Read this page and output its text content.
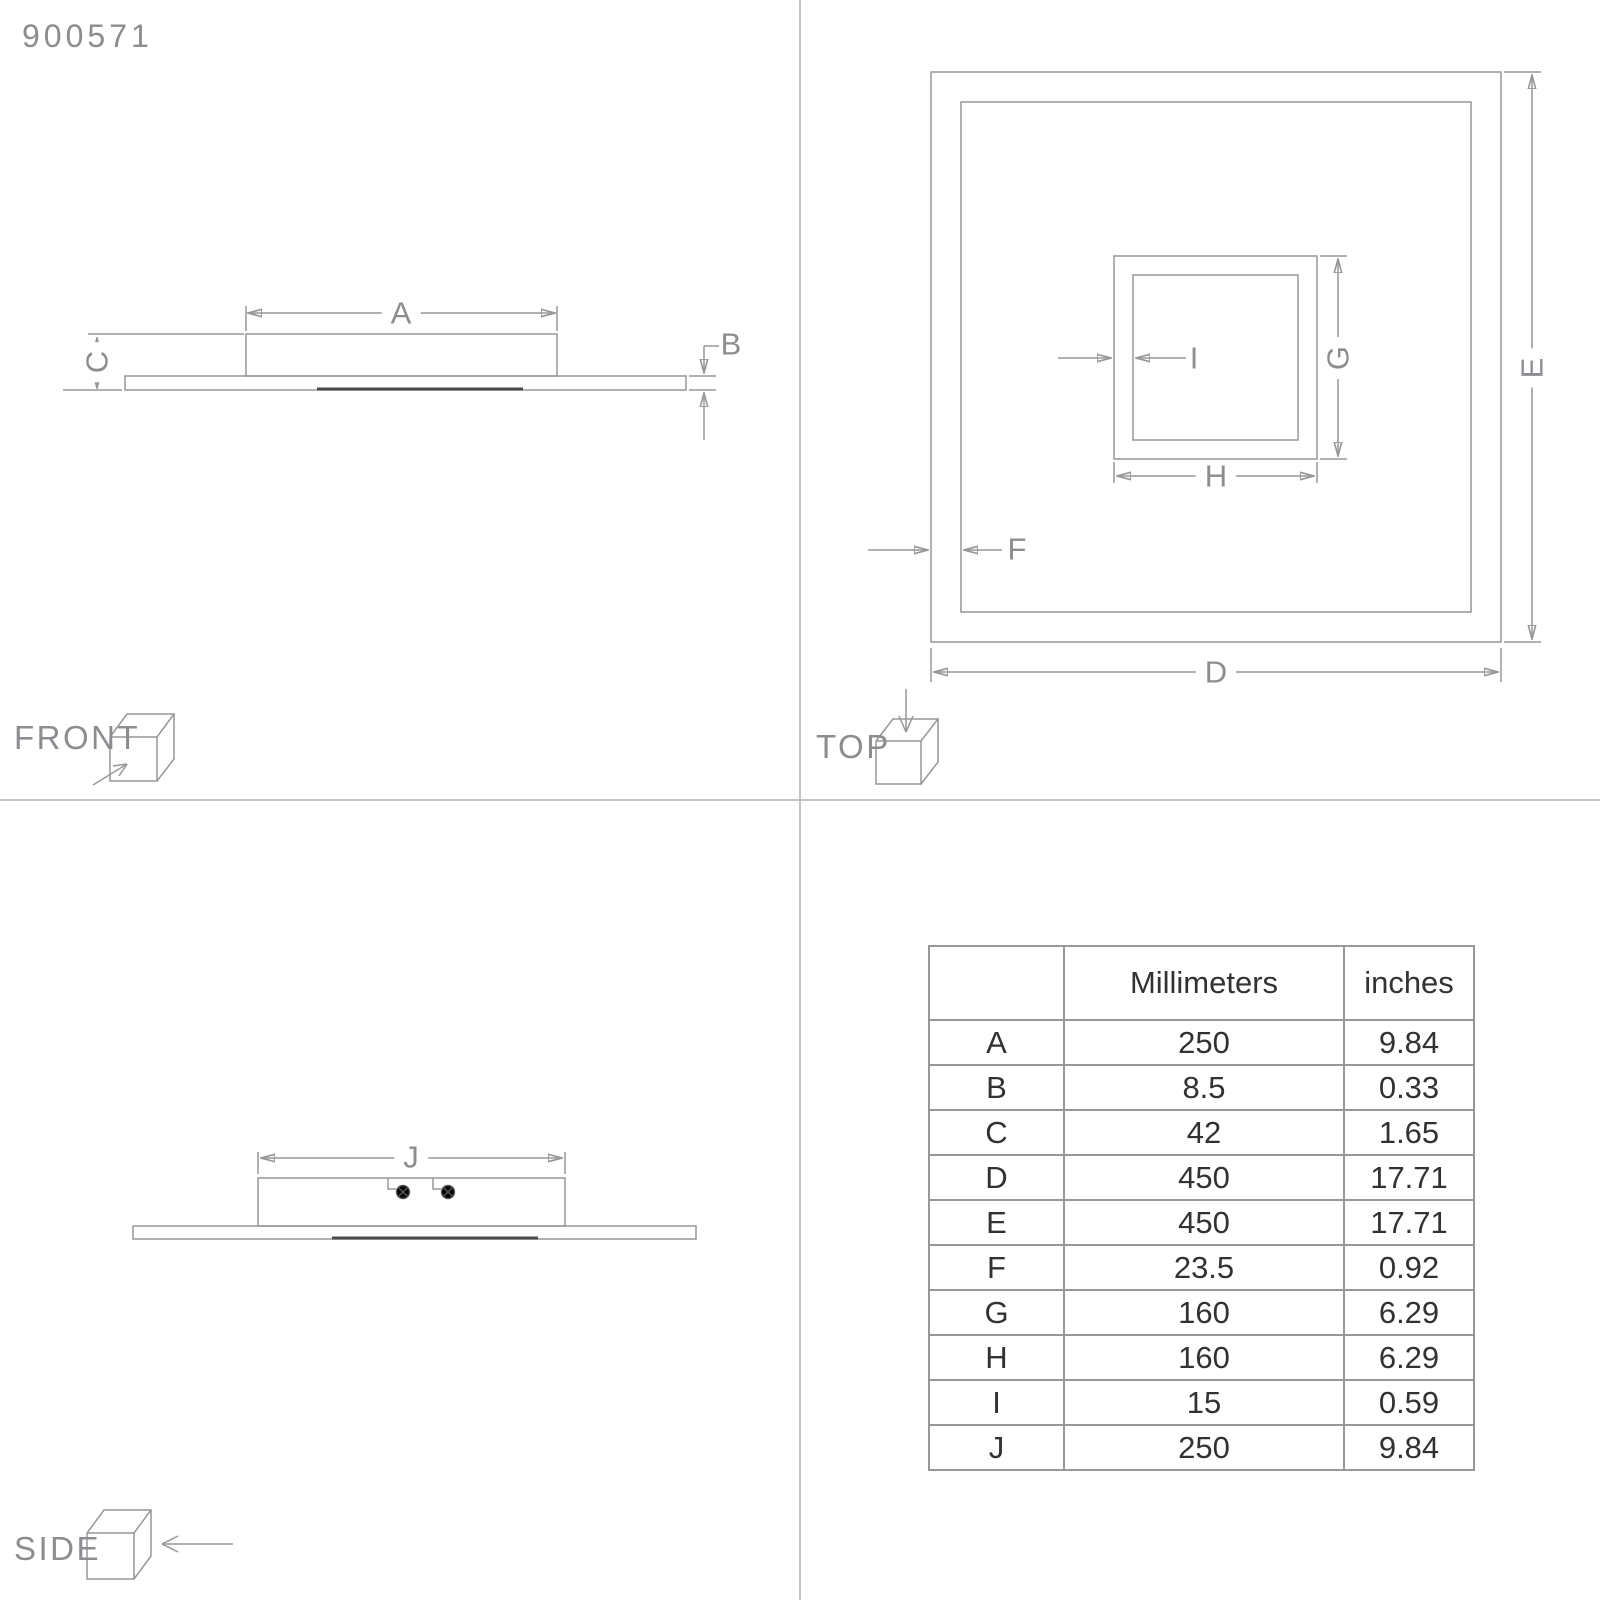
900571
FRONT	TOP
SIDE
A
B
C
D
E
F
G
H
I
J
	Millimeters	inches
A	250	9.84
B	8.5	0.33
C	42	1.65
D	450	17.71
E	450	17.71
F	23.5	0.92
G	160	6.29
H	160	6.29
I	15	0.59
J	250	9.84
